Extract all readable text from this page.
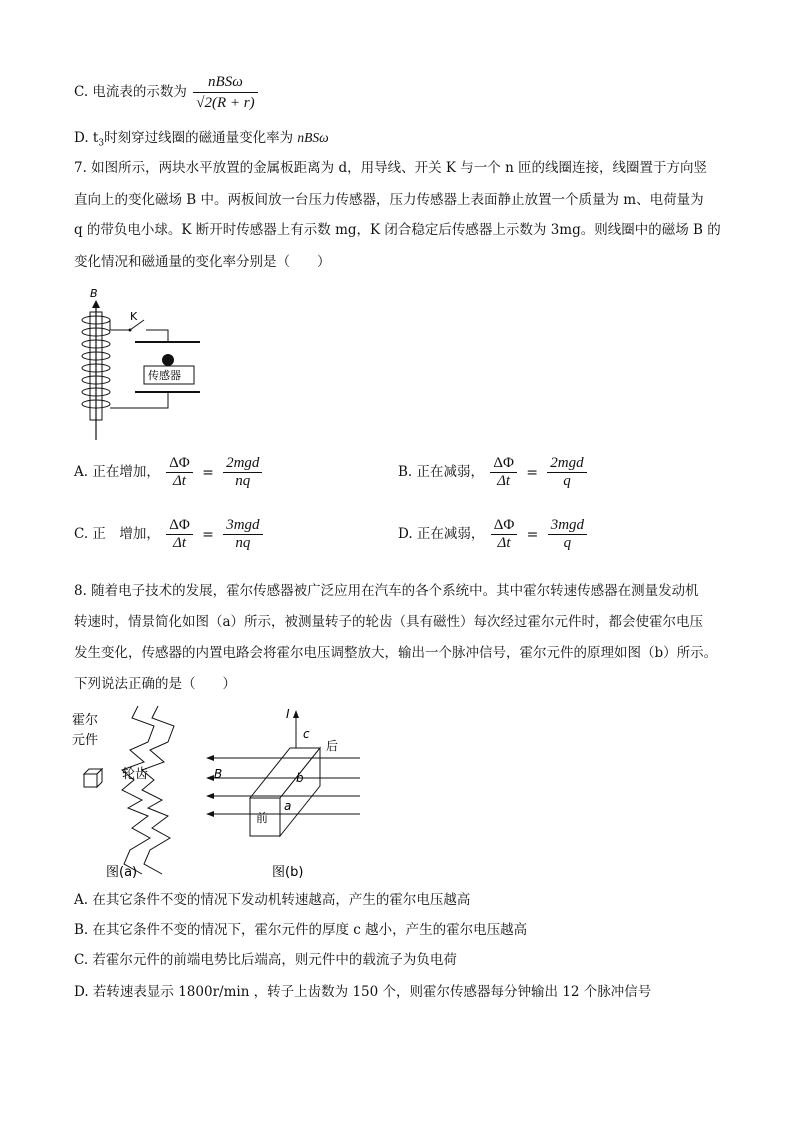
C. 电流表的示数为 $\frac{\text{nBSω}}{√2(R + r)}$
D. $t_3$时刻穿过线圈的磁通量变化率为 nBSω
7. 如图所示，两块水平放置的金属板距离为 d，用导线、开关 K 与一个 n 匝的线圈连接，线圈置于方向竖
直向上的变化磁场 B 中。两板间放一台压力传感器，压力传感器上表面静止放置一个质量为 m、电荷量为
q 的带负电小球。K 断开时传感器上有示数 mg，K 闭合稳定后传感器上示数为 3mg。则线圈中的磁场 B 的
变化情况和磁通量的变化率分别是（　　）
B
K
传感器
A. 正在增加， $\frac{\Delta\Phi}{\Delta t} = \frac{\text{2mgd}}{nq}$	B. 正在减弱， $\frac{\Delta\Phi}{\Delta t} = \frac{\text{2mgd}}{q}$
C. 正　增加， $\frac{\Delta\Phi}{\Delta t} = \frac{\text{3mgd}}{nq}$	D. 正在减弱， $\frac{\Delta\Phi}{\Delta t} = \frac{\text{3mgd}}{q}$
8. 随着电子技术的发展，霍尔传感器被广泛应用在汽车的各个系统中。其中霍尔转速传感器在测量发动机
转速时，情景简化如图（a）所示，被测量转子的轮齿（具有磁性）每次经过霍尔元件时，都会使霍尔电压
发生变化，传感器的内置电路会将霍尔电压调整放大，输出一个脉冲信号，霍尔元件的原理如图（b）所示。
下列说法正确的是（　　）
霍尔
元件
轮齿
图(a)
I
c
后
B	b
前
a
图(b)
A. 在其它条件不变的情况下发动机转速越高，产生的霍尔电压越高
B. 在其它条件不变的情况下，霍尔元件的厚度 c 越小，产生的霍尔电压越高
C. 若霍尔元件的前端电势比后端高，则元件中的载流子为负电荷
D. 若转速表显示 1800r/min ，转子上齿数为 150 个，则霍尔传感器每分钟输出 12 个脉冲信号
